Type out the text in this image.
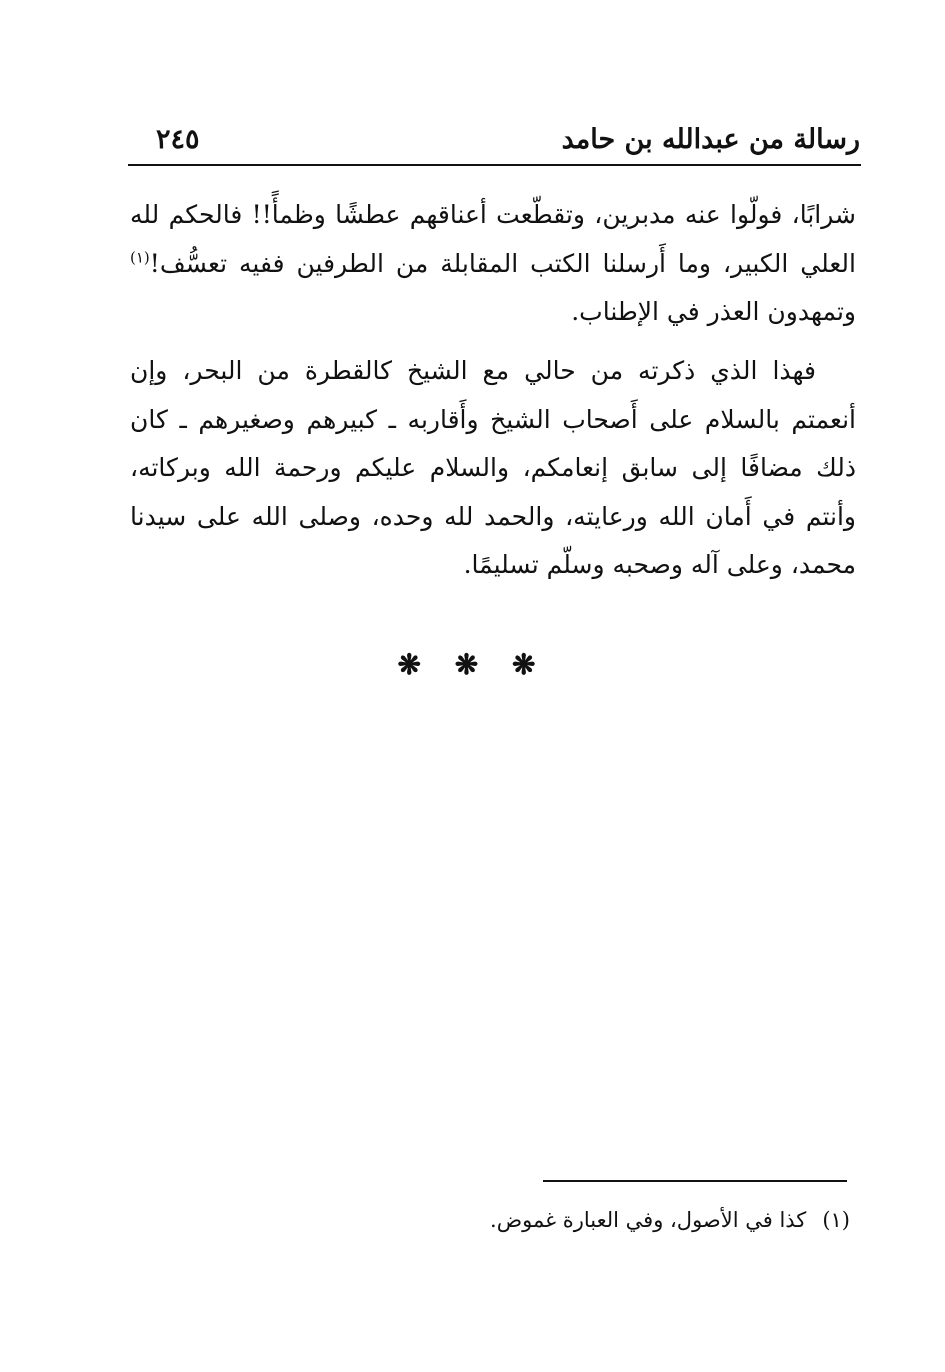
رسالة من عبدالله بن حامد
٢٤٥

شرابًا، فولّوا عنه مدبرين، وتقطّعت أعناقهم عطشًا وظمأً!! فالحكم لله العلي الكبير، وما أَرسلنا الكتب المقابلة من الطرفين ففيه تعسُّف!$^{(١)}$ وتمهدون العذر في الإطناب.

فهذا الذي ذكرته من حالي مع الشيخ كالقطرة من البحر، وإن أنعمتم بالسلام على أَصحاب الشيخ وأَقاربه ـ كبيرهم وصغيرهم ـ كان ذلك مضافًا إلى سابق إنعامكم، والسلام عليكم ورحمة الله وبركاته، وأنتم في أَمان الله ورعايته، والحمد لله وحده، وصلى الله على سيدنا محمد، وعلى آله وصحبه وسلّم تسليمًا.

❋ ❋ ❋
(١)كذا في الأصول، وفي العبارة غموض.
